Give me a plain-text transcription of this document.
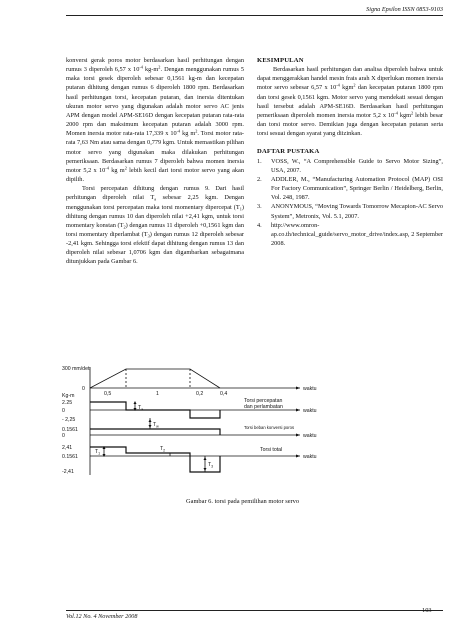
Signa Epsilon ISSN 0853-9103

konversi gerak poros motor berdasarkan hasil perhitungan dengan rumus 3 diperoleh 6,57 x $10^{-4}$ $kg-m^2$. Dengan menggunakan rumus 5 maka torsi gesek diperoleh sebesar 0,1561 kg-m dan kecepatan putaran dihitung dengan rumus 6 diperoleh 1800 rpm. Berdasarkan hasil perhitungan torsi, kecepatan putaran, dan inersia ditentukan ukuran motor servo yang digunakan adalah motor servo AC jenis APM dengan model APM-SE16D dengan kecepatan putaran rata-rata 2000 rpm dan maksimum kecepatan putaran adalah 3000 rpm. Momen inersia motor rata-rata 17,339 x $10^{-4}$ kg $m^2$. Torsi motor rata-rata 7,63 Nm atau sama dengan 0,779 kgm. Untuk memastikan pilihan motor servo yang digunakan maka dilakukan perhitungan pemeriksaan. Berdasarkan rumus 7 diperoleh bahwa momen inersia motor 5,2 x $10^{-4}$ kg $m^2$ lebih kecil dari torsi motor servo yang akan dipilih.

Torsi percepatan dihitung dengan rumus 9. Dari hasil perhitungan diperoleh nilai $T_a$ sebesar 2,25 kgm. Dengan menggunakan torsi percepatan maka torsi momentary dipercepat $(T_1)$ dihitung dengan rumus 10 dan diperoleh nilai +2,41 kgm, untuk torsi momentary konstan $(T_2)$ dengan rumus 11 diperoleh +0,1561 kgm dan torsi momentary diperlambat $(T_3)$ dengan rumus 12 diperoleh sebesar -2,41 kgm. Sehingga torsi efektif dapat dihitung dengan rumus 13 dan diperoleh nilai sebesar 1,0706 kgm dan digambarkan sebagaimana ditunjukkan pada Gambar 6.

KESIMPULAN

Berdasarkan hasil perhitungan dan analisa diperoleh bahwa untuk dapat menggerakkan handel mesin frais arah X diperlukan momen inersia motor servo sebesar 6,57 x $10^{-4}$ kgm$^2$ dan kecepatan putaran 1800 rpm dan torsi gesek 0,1561 kgm. Motor servo yang mendekati sesuai dengan hasil tersebut adalah APM-SE16D. Berdasarkan hasil perhitungan pemeriksaan diperoleh momen inersia motor 5,2 x $10^{-4}$ kgm$^2$ lebih besar dan torsi motor servo. Demikian juga dengan kecepatan putaran serta torsi sesuai dengan syarat yang diizinkan.

DAFTAR PUSTAKA

1. VOSS, W., “A Comprehensible Guide to Servo Motor Sizing”, USA, 2007.
2. ADDLER, M., “Manufacturing Automation Protocol (MAP) OSI For Factory Communication”, Springer Berlin / Heidelberg, Berlin, Vol. 248, 1987.
3. ANONYMOUS, “Moving Towards Tomorrow Mecapion-AC Servo System”, Metronix, Vol. 5.1, 2007.
4. http://www.omron-ap.co.th/technical_guide/servo_motor_drive/index.asp, 2 September 2008.
300 mm/det
0
Kg-m
2.25
0
- 2,25
0.1561
0
2,41
0.1561
-2,41
0,5	1	0,2	0,4
waktu
waktu
waktu
waktu
Torsi percepatan
dan perlambatan
Torsi beban konversi poros
Torsi total
$T_a$
$T_w$
$T_1$
$T_2$
$T_3$
Gambar 6. torsi pada pemilihan motor servo
Vol.12 No. 4 November 2008
103
